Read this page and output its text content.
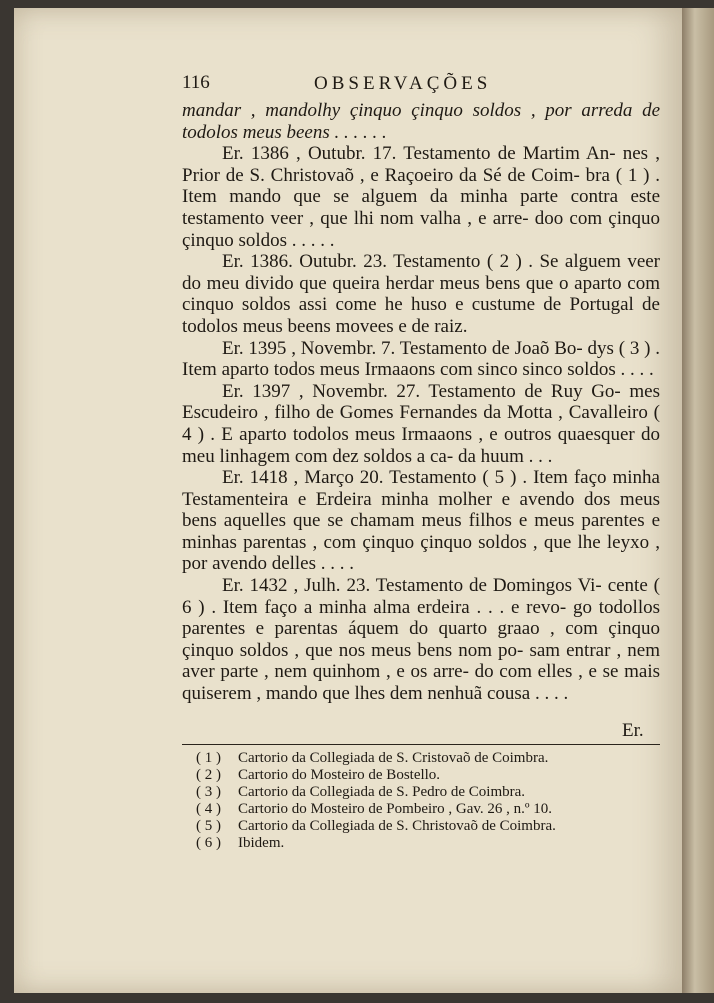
116	OBSERVAÇÕES

mandar , mandolhy çinquo çinquo soldos , por arreda de todolos meus beens . . . . . .

Er. 1386 , Outubr. 17. Testamento de Martim An- nes , Prior de S. Christovaõ , e Raçoeiro da Sé de Coim- bra ( 1 ) . Item mando que se alguem da minha parte contra este testamento veer , que lhi nom valha , e arre- doo com çinquo çinquo soldos . . . . .

Er. 1386. Outubr. 23. Testamento ( 2 ) . Se alguem veer do meu divido que queira herdar meus bens que o aparto com cinquo soldos assi come he huso e custume de Portugal de todolos meus beens movees e de raiz.

Er. 1395 , Novembr. 7. Testamento de Joaõ Bo- dys ( 3 ) . Item aparto todos meus Irmaaons com sinco sinco soldos . . . .

Er. 1397 , Novembr. 27. Testamento de Ruy Go- mes Escudeiro , filho de Gomes Fernandes da Motta , Cavalleiro ( 4 ) . E aparto todolos meus Irmaaons , e outros quaesquer do meu linhagem com dez soldos a ca- da huum . . .

Er. 1418 , Março 20. Testamento ( 5 ) . Item faço minha Testamenteira e Erdeira minha molher e avendo dos meus bens aquelles que se chamam meus filhos e meus parentes e minhas parentas , com çinquo çinquo soldos , que lhe leyxo , por avendo delles . . . .

Er. 1432 , Julh. 23. Testamento de Domingos Vi- cente ( 6 ) . Item faço a minha alma erdeira . . . e revo- go todollos parentes e parentas áquem do quarto graao , com çinquo çinquo soldos , que nos meus bens nom po- sam entrar , nem aver parte , nem quinhom , e os arre- do com elles , e se mais quiserem , mando que lhes dem nenhuã cousa . . . .

Er.
( 1 ) Cartorio da Collegiada de S. Cristovaõ de Coimbra.
( 2 ) Cartorio do Mosteiro de Bostello.
( 3 ) Cartorio da Collegiada de S. Pedro de Coimbra.
( 4 ) Cartorio do Mosteiro de Pombeiro , Gav. 26 , n.º 10.
( 5 ) Cartorio da Collegiada de S. Christovaõ de Coimbra.
( 6 ) Ibidem.
